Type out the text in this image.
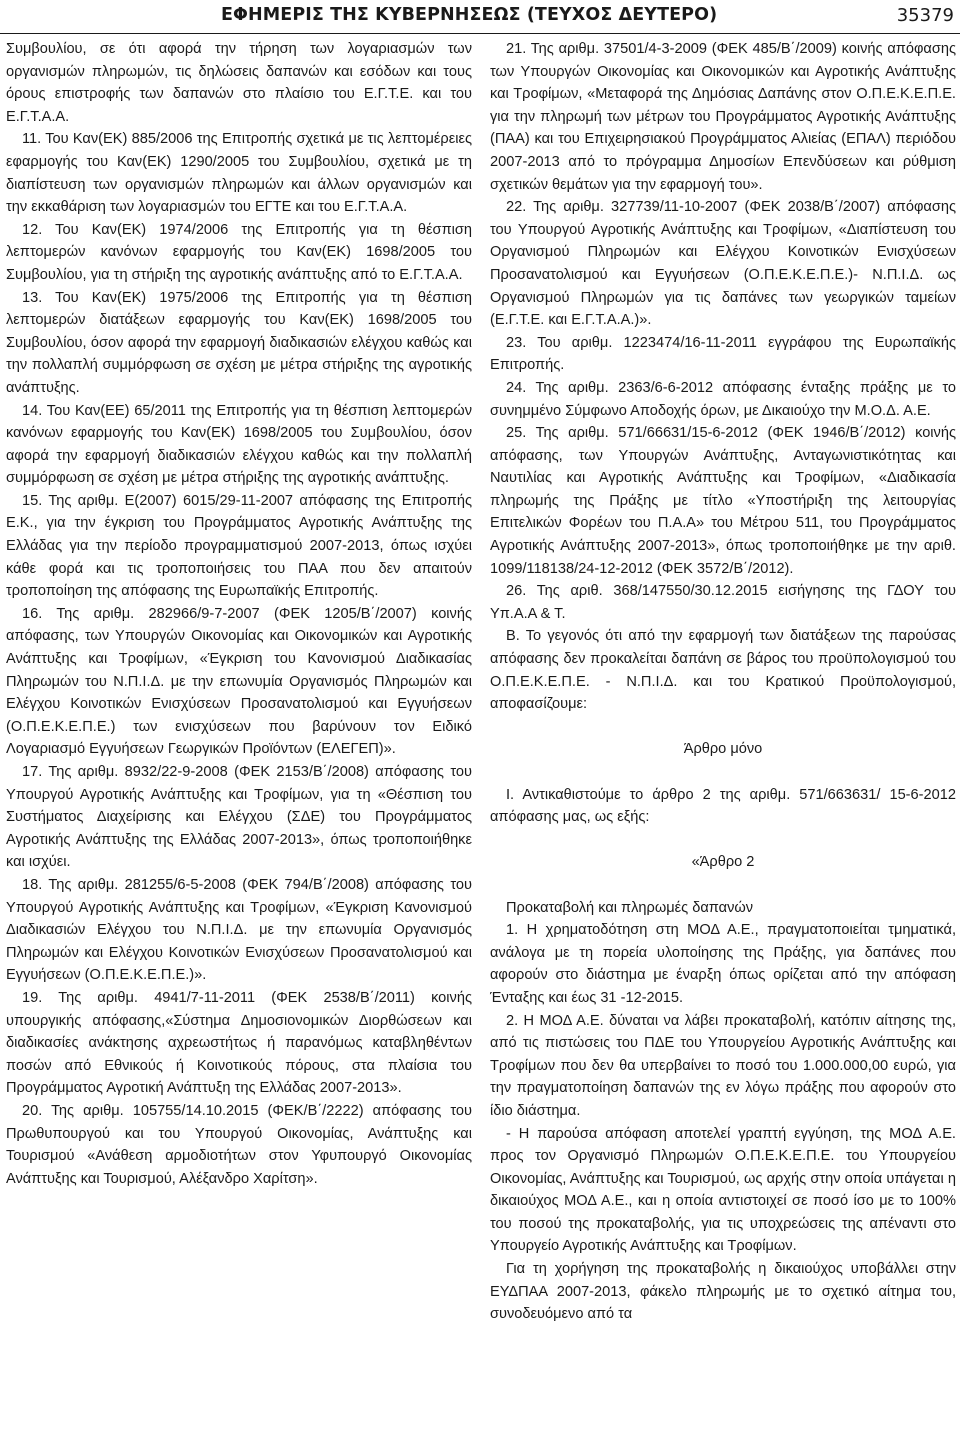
ΕΦΗΜΕΡΙΣ ΤΗΣ ΚΥΒΕΡΝΗΣΕΩΣ (ΤΕΥΧΟΣ ΔΕΥΤΕΡΟ)	35379

Συμβουλίου, σε ότι αφορά την τήρηση των λογαριασμών των οργανισμών πληρωμών, τις δηλώσεις δαπανών και εσόδων και τους όρους επιστροφής των δαπανών στο πλαίσιο του Ε.Γ.Τ.Ε. και του Ε.Γ.Τ.Α.Α.

11. Του Καν(ΕΚ) 885/2006 της Επιτροπής σχετικά με τις λεπτομέρειες εφαρμογής του Καν(ΕΚ) 1290/2005 του Συμβουλίου, σχετικά με τη διαπίστευση των οργανισμών πληρωμών και άλλων οργανισμών και την εκκαθάριση των λογαριασμών του ΕΓΤΕ και του Ε.Γ.Τ.Α.Α.

12. Του Καν(ΕΚ) 1974/2006 της Επιτροπής για τη θέσπιση λεπτομερών κανόνων εφαρμογής του Καν(ΕΚ) 1698/2005 του Συμβουλίου, για τη στήριξη της αγροτικής ανάπτυξης από το Ε.Γ.Τ.Α.Α.

13. Του Καν(ΕΚ) 1975/2006 της Επιτροπής για τη θέσπιση λεπτομερών διατάξεων εφαρμογής του Καν(ΕΚ) 1698/2005 του Συμβουλίου, όσον αφορά την εφαρμογή διαδικασιών ελέγχου καθώς και την πολλαπλή συμμόρφωση σε σχέση με μέτρα στήριξης της αγροτικής ανάπτυξης.

14. Του Καν(ΕΕ) 65/2011 της Επιτροπής για τη θέσπιση λεπτομερών κανόνων εφαρμογής του Καν(ΕΚ) 1698/2005 του Συμβουλίου, όσον αφορά την εφαρμογή διαδικασιών ελέγχου καθώς και την πολλαπλή συμμόρφωση σε σχέση με μέτρα στήριξης της αγροτικής ανάπτυξης.

15. Της αριθμ. Ε(2007) 6015/29-11-2007 απόφασης της Επιτροπής Ε.Κ., για την έγκριση του Προγράμματος Αγροτικής Ανάπτυξης της Ελλάδας για την περίοδο προγραμματισμού 2007-2013, όπως ισχύει κάθε φορά και τις τροποποιήσεις του ΠΑΑ που δεν απαιτούν τροποποίηση της απόφασης της Ευρωπαϊκής Επιτροπής.

16. Της αριθμ. 282966/9-7-2007 (ΦΕΚ 1205/Β΄/2007) κοινής απόφασης, των Υπουργών Οικονομίας και Οικονομικών και Αγροτικής Ανάπτυξης και Τροφίμων, «Έγκριση του Κανονισμού Διαδικασίας Πληρωμών του Ν.Π.Ι.Δ. με την επωνυμία Οργανισμός Πληρωμών και Ελέγχου Κοινοτικών Ενισχύσεων Προσανατολισμού και Εγγυήσεων (Ο.Π.Ε.Κ.Ε.Π.Ε.) των ενισχύσεων που βαρύνουν τον Ειδικό Λογαριασμό Εγγυήσεων Γεωργικών Προϊόντων (ΕΛΕΓΕΠ)».

17. Της αριθμ. 8932/22-9-2008 (ΦΕΚ 2153/Β΄/2008) απόφασης του Υπουργού Αγροτικής Ανάπτυξης και Τροφίμων, για τη «Θέσπιση του Συστήματος Διαχείρισης και Ελέγχου (ΣΔΕ) του Προγράμματος Αγροτικής Ανάπτυξης της Ελλάδας 2007-2013», όπως τροποποιήθηκε και ισχύει.

18. Της αριθμ. 281255/6-5-2008 (ΦΕΚ 794/Β΄/2008) απόφασης του Υπουργού Αγροτικής Ανάπτυξης και Τροφίμων, «Έγκριση Κανονισμού Διαδικασιών Ελέγχου του Ν.Π.Ι.Δ. με την επωνυμία Οργανισμός Πληρωμών και Ελέγχου Κοινοτικών Ενισχύσεων Προσανατολισμού και Εγγυήσεων (Ο.Π.Ε.Κ.Ε.Π.Ε.)».

19. Της αριθμ. 4941/7-11-2011 (ΦΕΚ 2538/Β΄/2011) κοινής υπουργικής απόφασης,«Σύστημα Δημοσιονομικών Διορθώσεων και διαδικασίες ανάκτησης αχρεωστήτως ή παρανόμως καταβληθέντων ποσών από Εθνικούς ή Κοινοτικούς πόρους, στα πλαίσια του Προγράμματος Αγροτική Ανάπτυξη της Ελλάδας 2007-2013».

20. Της αριθμ. 105755/14.10.2015 (ΦΕΚ/Β΄/2222) απόφασης του Πρωθυπουργού και του Υπουργού Οικονομίας, Ανάπτυξης και Τουρισμού «Ανάθεση αρμοδιοτήτων στον Υφυπουργό Οικονομίας Ανάπτυξης και Τουρισμού, Αλέξανδρο Χαρίτση».

21. Της αριθμ. 37501/4-3-2009 (ΦΕΚ 485/Β΄/2009) κοινής απόφασης των Υπουργών Οικονομίας και Οικονομικών και Αγροτικής Ανάπτυξης και Τροφίμων, «Μεταφορά της Δημόσιας Δαπάνης στον Ο.Π.Ε.Κ.Ε.Π.Ε. για την πληρωμή των μέτρων του Προγράμματος Αγροτικής Ανάπτυξης (ΠΑΑ) και του Επιχειρησιακού Προγράμματος Αλιείας (ΕΠΑΛ) περιόδου 2007-2013 από το πρόγραμμα Δημοσίων Επενδύσεων και ρύθμιση σχετικών θεμάτων για την εφαρμογή του».

22. Της αριθμ. 327739/11-10-2007 (ΦΕΚ 2038/Β΄/2007) απόφασης του Υπουργού Αγροτικής Ανάπτυξης και Τροφίμων, «Διαπίστευση του Οργανισμού Πληρωμών και Ελέγχου Κοινοτικών Ενισχύσεων Προσανατολισμού και Εγγυήσεων (Ο.Π.Ε.Κ.Ε.Π.Ε.)- Ν.Π.Ι.Δ. ως Οργανισμού Πληρωμών για τις δαπάνες των γεωργικών ταμείων (Ε.Γ.Τ.Ε. και Ε.Γ.Τ.Α.Α.)».

23. Του αριθμ. 1223474/16-11-2011 εγγράφου της Ευρωπαϊκής Επιτροπής.

24. Της αριθμ. 2363/6-6-2012 απόφασης ένταξης πράξης με το συνημμένο Σύμφωνο Αποδοχής όρων, με Δικαιούχο την Μ.Ο.Δ. Α.Ε.

25. Της αριθμ. 571/66631/15-6-2012 (ΦΕΚ 1946/Β΄/2012) κοινής απόφασης, των Υπουργών Ανάπτυξης, Ανταγωνιστικότητας και Ναυτιλίας και Αγροτικής Ανάπτυξης και Τροφίμων, «Διαδικασία πληρωμής της Πράξης με τίτλο «Υποστήριξη της λειτουργίας Επιτελικών Φορέων του Π.Α.Α» του Μέτρου 511, του Προγράμματος Αγροτικής Ανάπτυξης 2007-2013», όπως τροποποιήθηκε με την αριθ. 1099/118138/24-12-2012 (ΦΕΚ 3572/Β΄/2012).

26. Της αριθ. 368/147550/30.12.2015 εισήγησης της ΓΔΟΥ του Υπ.Α.Α & Τ.

Β. Το γεγονός ότι από την εφαρμογή των διατάξεων της παρούσας απόφασης δεν προκαλείται δαπάνη σε βάρος του προϋπολογισμού του Ο.Π.Ε.Κ.Ε.Π.Ε. - Ν.Π.Ι.Δ. και του Κρατικού Προϋπολογισμού, αποφασίζουμε:

Άρθρο μόνο

Ι. Αντικαθιστούμε το άρθρο 2 της αριθμ. 571/663631/ 15-6-2012 απόφασης μας, ως εξής:

«Άρθρο 2

Προκαταβολή και πληρωμές δαπανών

1. Η χρηματοδότηση στη ΜΟΔ Α.Ε., πραγματοποιείται τμηματικά, ανάλογα με τη πορεία υλοποίησης της Πράξης, για δαπάνες που αφορούν στο διάστημα με έναρξη όπως ορίζεται από την απόφαση Ένταξης και έως 31 -12-2015.

2. Η ΜΟΔ Α.Ε. δύναται να λάβει προκαταβολή, κατόπιν αίτησης της, από τις πιστώσεις του ΠΔΕ του Υπουργείου Αγροτικής Ανάπτυξης και Τροφίμων που δεν θα υπερβαίνει το ποσό του 1.000.000,00 ευρώ, για την πραγματοποίηση δαπανών της εν λόγω πράξης που αφορούν στο ίδιο διάστημα.

- Η παρούσα απόφαση αποτελεί γραπτή εγγύηση, της ΜΟΔ Α.Ε. προς τον Οργανισμό Πληρωμών Ο.Π.Ε.Κ.Ε.Π.Ε. του Υπουργείου Οικονομίας, Ανάπτυξης και Τουρισμού, ως αρχής στην οποία υπάγεται η δικαιούχος ΜΟΔ Α.Ε., και η οποία αντιστοιχεί σε ποσό ίσο με το 100% του ποσού της προκαταβολής, για τις υποχρεώσεις της απέναντι στο Υπουργείο Αγροτικής Ανάπτυξης και Τροφίμων.

Για τη χορήγηση της προκαταβολής η δικαιούχος υποβάλλει στην ΕΥΔΠΑΑ 2007-2013, φάκελο πληρωμής με το σχετικό αίτημα του, συνοδευόμενο από τα
